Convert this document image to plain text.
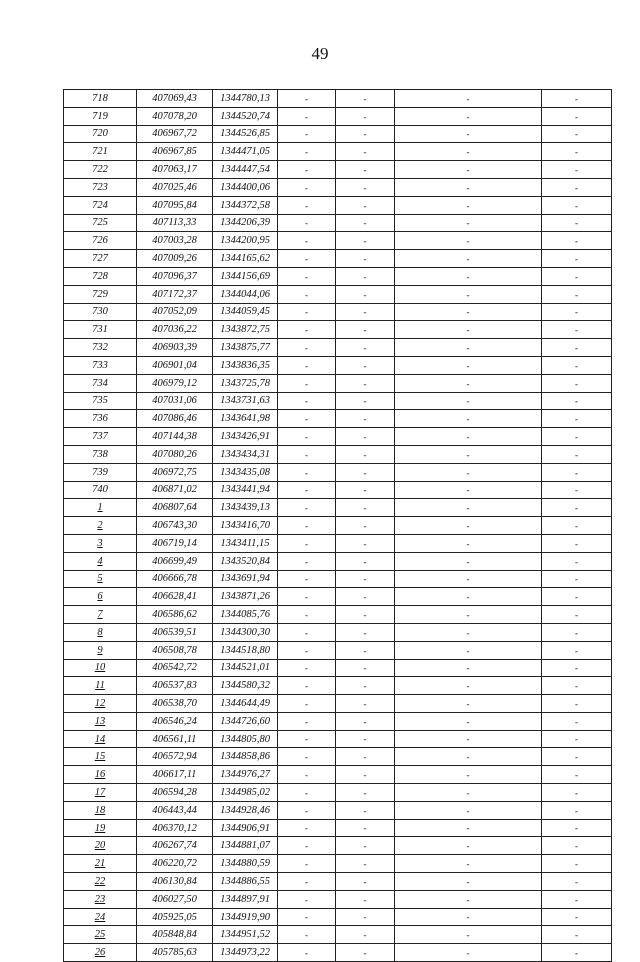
49
718	407069,43	1344780,13	-	-	-	-
719	407078,20	1344520,74	-	-	-	-
720	406967,72	1344526,85	-	-	-	-
721	406967,85	1344471,05	-	-	-	-
722	407063,17	1344447,54	-	-	-	-
723	407025,46	1344400,06	-	-	-	-
724	407095,84	1344372,58	-	-	-	-
725	407113,33	1344206,39	-	-	-	-
726	407003,28	1344200,95	-	-	-	-
727	407009,26	1344165,62	-	-	-	-
728	407096,37	1344156,69	-	-	-	-
729	407172,37	1344044,06	-	-	-	-
730	407052,09	1344059,45	-	-	-	-
731	407036,22	1343872,75	-	-	-	-
732	406903,39	1343875,77	-	-	-	-
733	406901,04	1343836,35	-	-	-	-
734	406979,12	1343725,78	-	-	-	-
735	407031,06	1343731,63	-	-	-	-
736	407086,46	1343641,98	-	-	-	-
737	407144,38	1343426,91	-	-	-	-
738	407080,26	1343434,31	-	-	-	-
739	406972,75	1343435,08	-	-	-	-
740	406871,02	1343441,94	-	-	-	-
1	406807,64	1343439,13	-	-	-	-
2	406743,30	1343416,70	-	-	-	-
3	406719,14	1343411,15	-	-	-	-
4	406699,49	1343520,84	-	-	-	-
5	406666,78	1343691,94	-	-	-	-
6	406628,41	1343871,26	-	-	-	-
7	406586,62	1344085,76	-	-	-	-
8	406539,51	1344300,30	-	-	-	-
9	406508,78	1344518,80	-	-	-	-
10	406542,72	1344521,01	-	-	-	-
11	406537,83	1344580,32	-	-	-	-
12	406538,70	1344644,49	-	-	-	-
13	406546,24	1344726,60	-	-	-	-
14	406561,11	1344805,80	-	-	-	-
15	406572,94	1344858,86	-	-	-	-
16	406617,11	1344976,27	-	-	-	-
17	406594,28	1344985,02	-	-	-	-
18	406443,44	1344928,46	-	-	-	-
19	406370,12	1344906,91	-	-	-	-
20	406267,74	1344881,07	-	-	-	-
21	406220,72	1344880,59	-	-	-	-
22	406130,84	1344886,55	-	-	-	-
23	406027,50	1344897,91	-	-	-	-
24	405925,05	1344919,90	-	-	-	-
25	405848,84	1344951,52	-	-	-	-
26	405785,63	1344973,22	-	-	-	-
